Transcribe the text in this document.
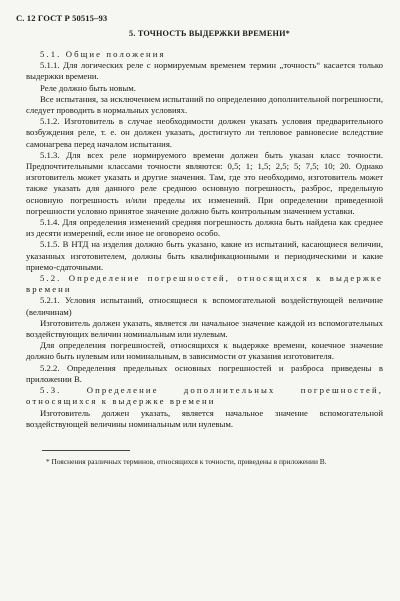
С. 12 ГОСТ Р 50515–93
5. ТОЧНОСТЬ ВЫДЕРЖКИ ВРЕМЕНИ*

5.1. Общие положения

5.1.1. Для логических реле с нормируемым временем термин „точность“ касается только выдержки времени.

Реле должно быть новым.

Все испытания, за исключением испытаний по определению дополнительной погрешности, следует проводить в нормальных условиях.

5.1.2. Изготовитель в случае необходимости должен указать условия предварительного возбуждения реле, т. е. он должен указать, достигнуто ли тепловое равновесие вследствие самонагрева перед началом испытания.

5.1.3. Для всех реле нормируемого времени должен быть указан класс точности. Предпочтительными классами точности являются: 0,5; 1; 1,5; 2,5; 5; 7,5; 10; 20. Однако изготовитель может указать и другие значения. Там, где это необходимо, изготовитель может также указать для данного реле среднюю основную погрешность, разброс, предельную основную погрешность и/или пределы их изменений. При определении приведенной погрешности условно принятое значение должно быть контрольным значением уставки.

5.1.4. Для определения изменений средняя погрешность должна быть найдена как среднее из десяти измерений, если иное не оговорено особо.

5.1.5. В НТД на изделия должно быть указано, какие из испытаний, касающиеся величин, указанных изготовителем, должны быть квалификационными и периодическими и какие приемо-сдаточными.

5.2. Определение погрешностей, относящихся к выдержке времени

5.2.1. Условия испытаний, относящиеся к вспомогательной воздействующей величине (величинам)

Изготовитель должен указать, является ли начальное значение каждой из вспомогательных воздействующих величин номинальным или нулевым.

Для определения погрешностей, относящихся к выдержке времени, конечное значение должно быть нулевым или номинальным, в зависимости от указания изготовителя.

5.2.2. Определения предельных основных погрешностей и разброса приведены в приложении В.

5.3. Определение дополнительных погрешностей, относящихся к выдержке времени

Изготовитель должен указать, является начальное значение вспомогательной воздействующей величины номинальным или нулевым.

* Пояснения различных терминов, относящихся к точности, приведены в приложении В.
